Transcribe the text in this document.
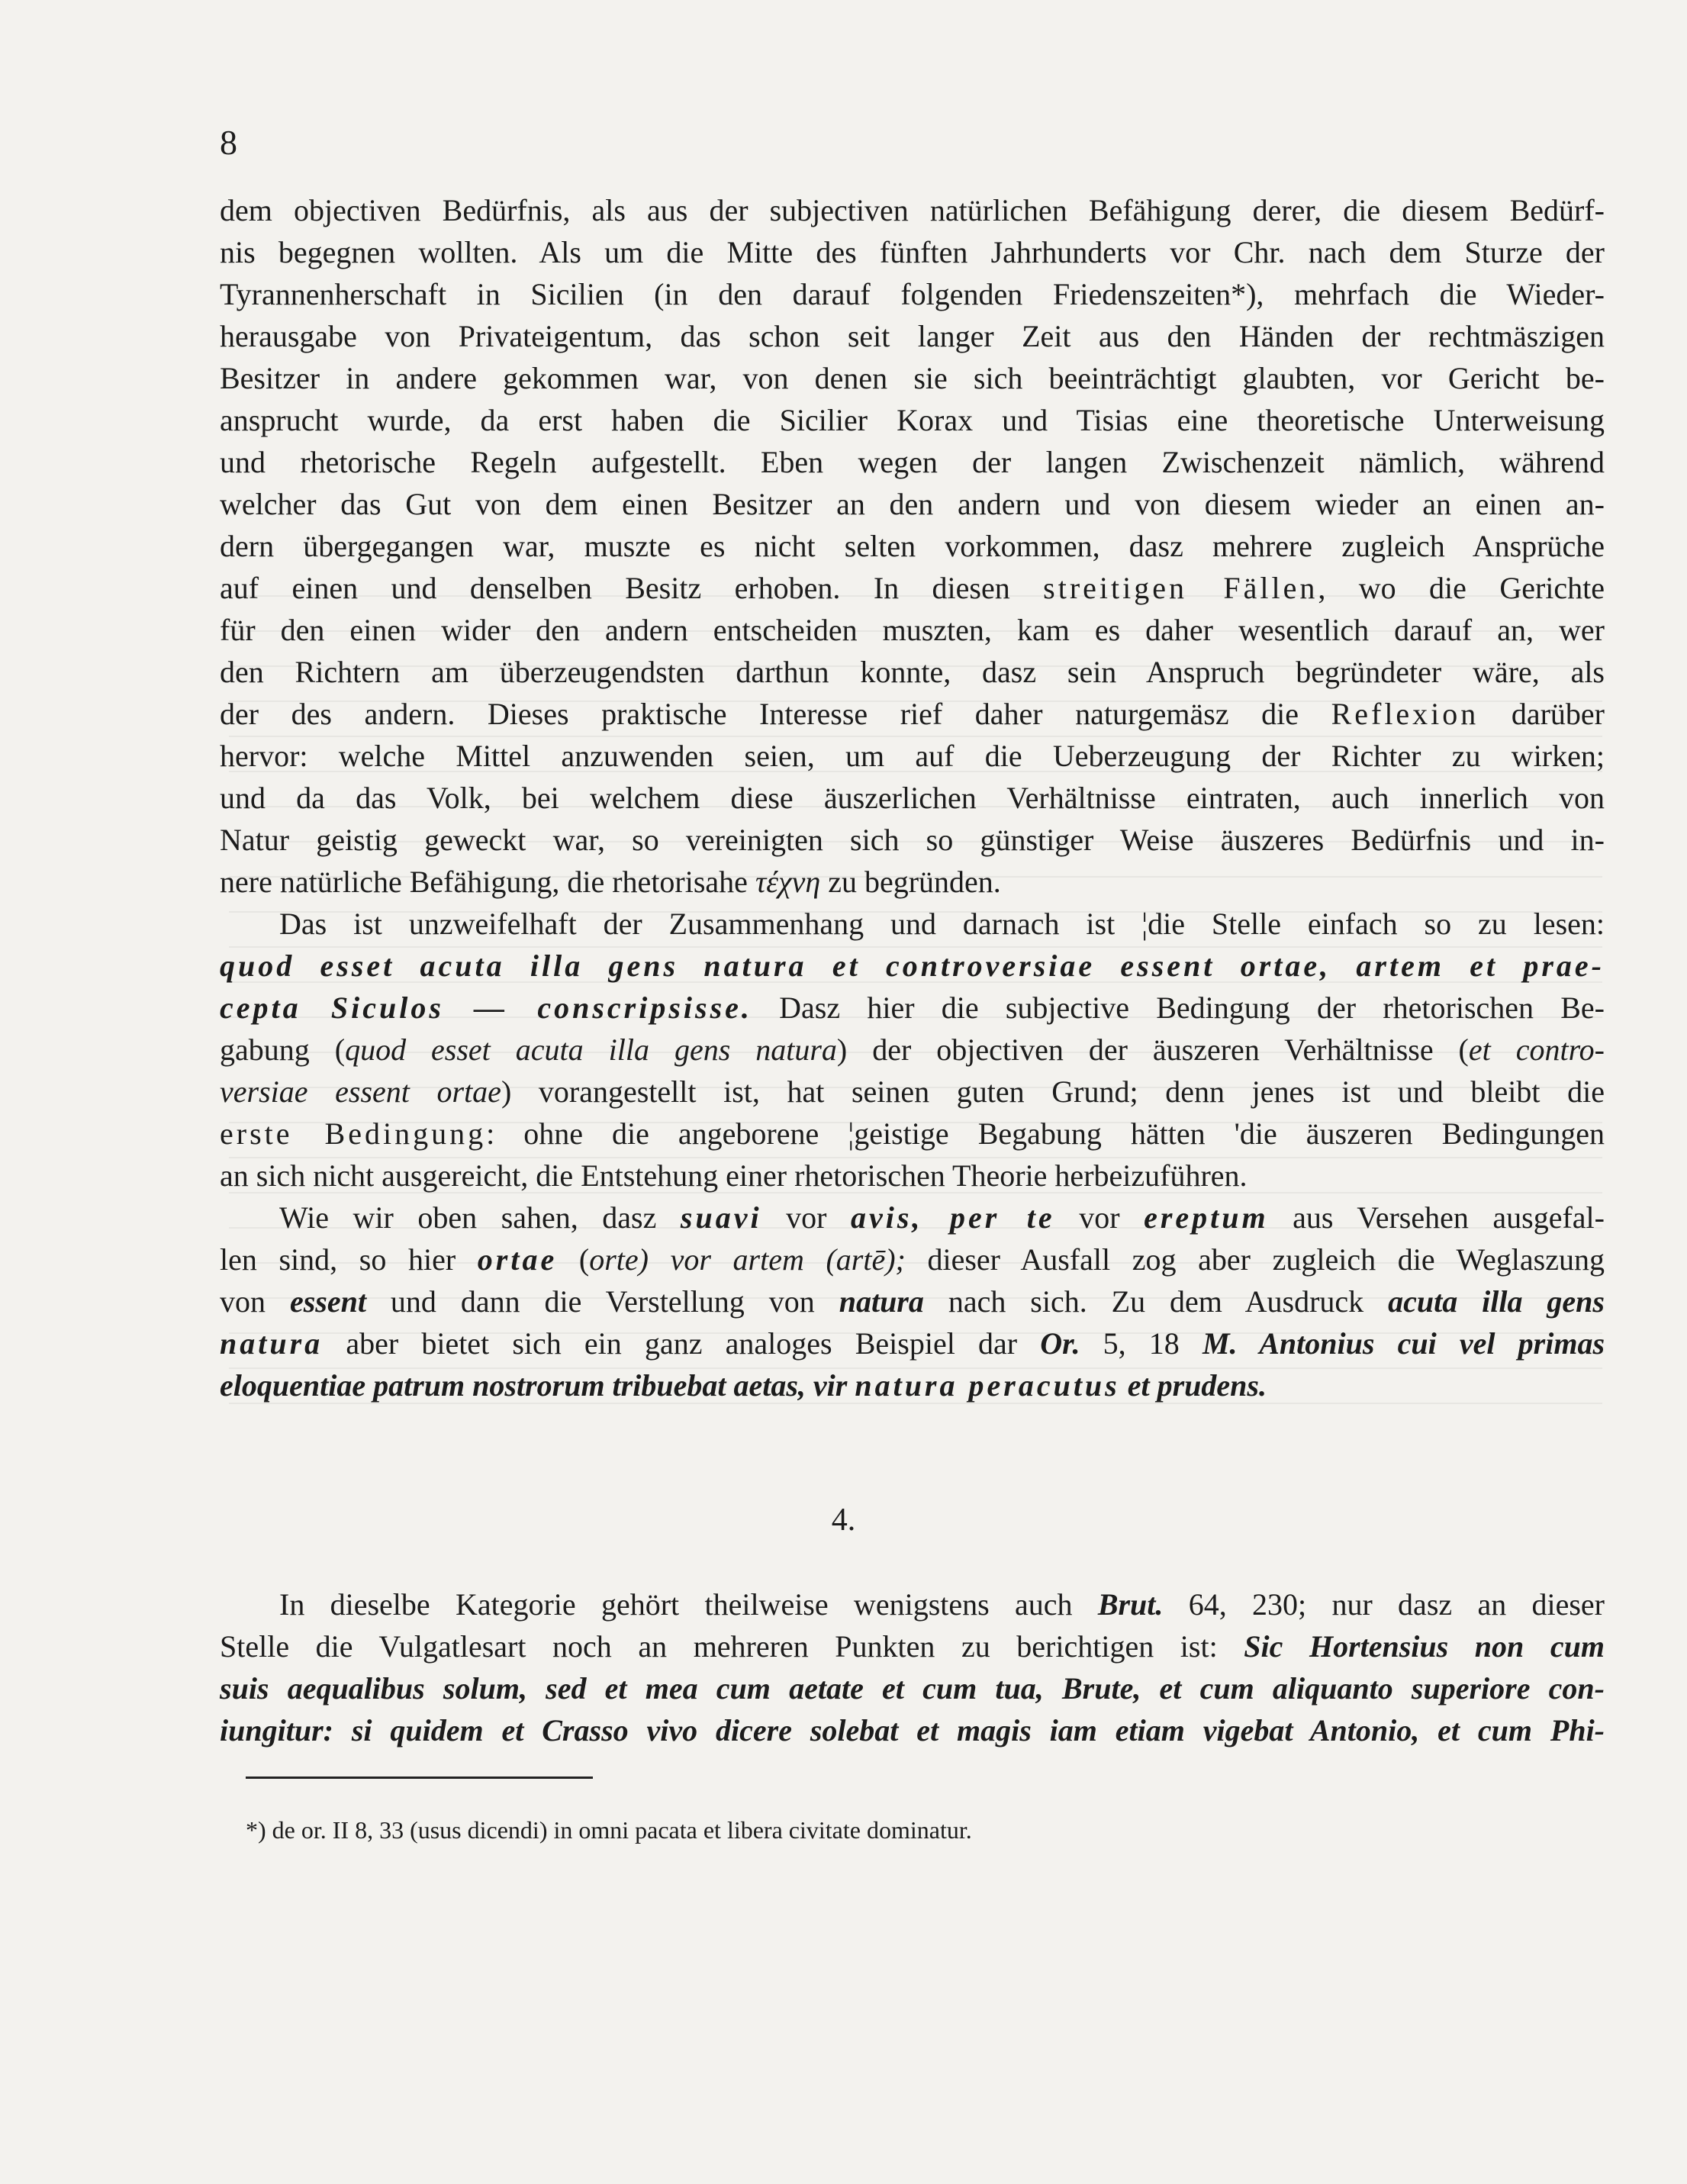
8
dem objectiven Bedürfnis, als aus der subjectiven natürlichen Befähigung derer, die diesem Bedürf-
nis begegnen wollten. Als um die Mitte des fünften Jahrhunderts vor Chr. nach dem Sturze der
Tyrannenherschaft in Sicilien (in den darauf folgenden Friedenszeiten*), mehrfach die Wieder-
herausgabe von Privateigentum, das schon seit langer Zeit aus den Händen der rechtmäszigen
Besitzer in andere gekommen war, von denen sie sich beeinträchtigt glaubten, vor Gericht be-
ansprucht wurde, da erst haben die Sicilier Korax und Tisias eine theoretische Unterweisung
und rhetorische Regeln aufgestellt. Eben wegen der langen Zwischenzeit nämlich, während
welcher das Gut von dem einen Besitzer an den andern und von diesem wieder an einen an-
dern übergegangen war, muszte es nicht selten vorkommen, dasz mehrere zugleich Ansprüche
auf einen und denselben Besitz erhoben. In diesen streitigen Fällen, wo die Gerichte
für den einen wider den andern entscheiden muszten, kam es daher wesentlich darauf an, wer
den Richtern am überzeugendsten darthun konnte, dasz sein Anspruch begründeter wäre, als
der des andern. Dieses praktische Interesse rief daher naturgemäsz die Reflexion darüber
hervor: welche Mittel anzuwenden seien, um auf die Ueberzeugung der Richter zu wirken;
und da das Volk, bei welchem diese äuszerlichen Verhältnisse eintraten, auch innerlich von
Natur geistig geweckt war, so vereinigten sich so günstiger Weise äuszeres Bedürfnis und in-
nere natürliche Befähigung, die rhetorisahe τέχνη zu begründen.
Das ist unzweifelhaft der Zusammenhang und darnach ist ¦die Stelle einfach so zu lesen:
quod esset acuta illa gens natura et controversiae essent ortae, artem et prae-
cepta Siculos — conscripsisse. Dasz hier die subjective Bedingung der rhetorischen Be-
gabung (quod esset acuta illa gens natura) der objectiven der äuszeren Verhältnisse (et contro-
versiae essent ortae) vorangestellt ist, hat seinen guten Grund; denn jenes ist und bleibt die
erste Bedingung: ohne die angeborene ¦geistige Begabung hätten 'die äuszeren Bedingungen
an sich nicht ausgereicht, die Entstehung einer rhetorischen Theorie herbeizuführen.
Wie wir oben sahen, dasz suavi vor avis, per te vor ereptum aus Versehen ausgefal-
len sind, so hier ortae (orte) vor artem (artē); dieser Ausfall zog aber zugleich die Weglaszung
von essent und dann die Verstellung von natura nach sich. Zu dem Ausdruck acuta illa gens
natura aber bietet sich ein ganz analoges Beispiel dar Or. 5, 18 M. Antonius cui vel primas
eloquentiae patrum nostrorum tribuebat aetas, vir natura peracutus et prudens.
4.
In dieselbe Kategorie gehört theilweise wenigstens auch Brut. 64, 230; nur dasz an dieser
Stelle die Vulgatlesart noch an mehreren Punkten zu berichtigen ist: Sic Hortensius non cum
suis aequalibus solum, sed et mea cum aetate et cum tua, Brute, et cum aliquanto superiore con-
iungitur: si quidem et Crasso vivo dicere solebat et magis iam etiam vigebat Antonio, et cum Phi-
*) de or. II 8, 33 (usus dicendi) in omni pacata et libera civitate dominatur.
